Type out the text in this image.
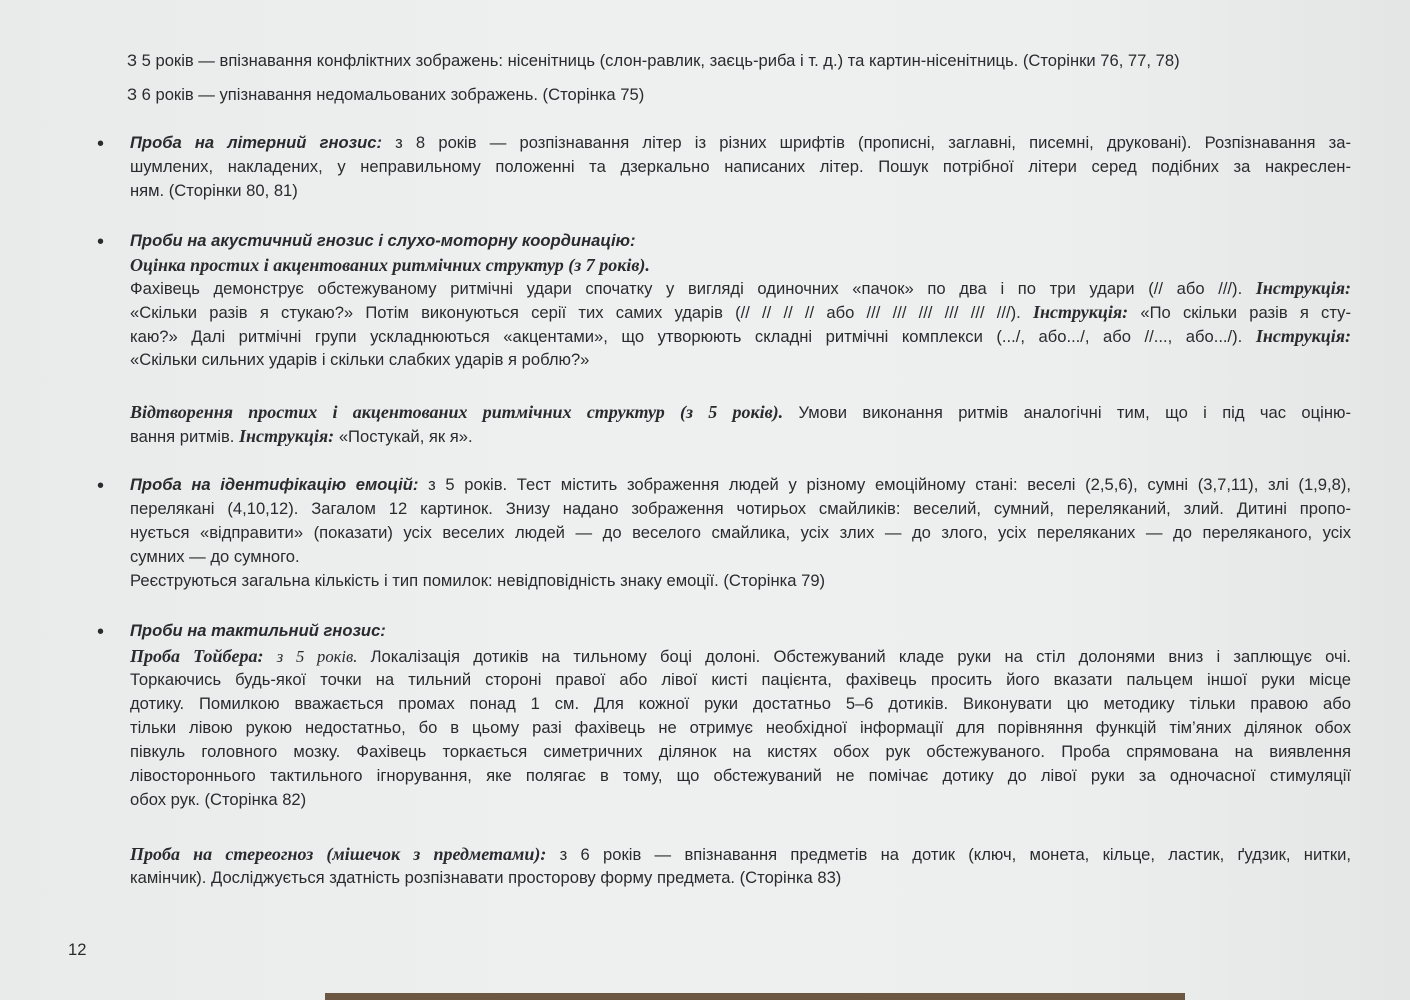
З 5 років — впізнавання конфліктних зображень: нісенітниць (слон-равлик, заєць-риба і т. д.) та картин-нісенітниць. (Сторінки 76, 77, 78)
З 6 років — упізнавання недомальованих зображень. (Сторінка 75)
• Проба на літерний гнозис: з 8 років — розпізнавання літер із різних шрифтів (прописні, заглавні, писемні, друковані). Розпізнавання за-
шумлених, накладених, у неправильному положенні та дзеркально написаних літер. Пошук потрібної літери серед подібних за накреслен-
ням. (Сторінки 80, 81)
• Проби на акустичний гнозис і слухо-моторну координацію:
Оцінка простих і акцентованих ритмічних структур (з 7 років).
Фахівець демонструє обстежуваному ритмічні удари спочатку у вигляді одиночних «пачок» по два і по три удари (// або ///). Інструкція:
«Скільки разів я стукаю?» Потім виконуються серії тих самих ударів (// // // // або /// /// /// /// /// ///). Інструкція: «По скільки разів я сту-
каю?» Далі ритмічні групи ускладнюються «акцентами», що утворюють складні ритмічні комплекси (.../, або.../, або //..., або.../). Інструкція:
«Скільки сильних ударів і скільки слабких ударів я роблю?»
Відтворення простих і акцентованих ритмічних структур (з 5 років). Умови виконання ритмів аналогічні тим, що і під час оціню-
вання ритмів. Інструкція: «Постукай, як я».
• Проба на ідентифікацію емоцій: з 5 років. Тест містить зображення людей у різному емоційному стані: веселі (2,5,6), сумні (3,7,11), злі (1,9,8),
перелякані (4,10,12). Загалом 12 картинок. Знизу надано зображення чотирьох смайликів: веселий, сумний, переляканий, злий. Дитині пропо-
нується «відправити» (показати) усіх веселих людей — до веселого смайлика, усіх злих — до злого, усіх переляканих — до переляканого, усіх
сумних — до сумного.
Реєструються загальна кількість і тип помилок: невідповідність знаку емоції. (Сторінка 79)
• Проби на тактильний гнозис:
Проба Тойбера: з 5 років. Локалізація дотиків на тильному боці долоні. Обстежуваний кладе руки на стіл долонями вниз і заплющує очі.
Торкаючись будь-якої точки на тильний стороні правої або лівої кисті пацієнта, фахівець просить його вказати пальцем іншої руки місце
дотику. Помилкою вважається промах понад 1 см. Для кожної руки достатньо 5–6 дотиків. Виконувати цю методику тільки правою або
тільки лівою рукою недостатньо, бо в цьому разі фахівець не отримує необхідної інформації для порівняння функцій тім’яних ділянок обох
півкуль головного мозку. Фахівець торкається симетричних ділянок на кистях обох рук обстежуваного. Проба спрямована на виявлення
лівостороннього тактильного ігнорування, яке полягає в тому, що обстежуваний не помічає дотику до лівої руки за одночасної стимуляції
обох рук. (Сторінка 82)
Проба на стереогноз (мішечок з предметами): з 6 років — впізнавання предметів на дотик (ключ, монета, кільце, ластик, ґудзик, нитки,
камінчик). Досліджується здатність розпізнавати просторову форму предмета. (Сторінка 83)
12
